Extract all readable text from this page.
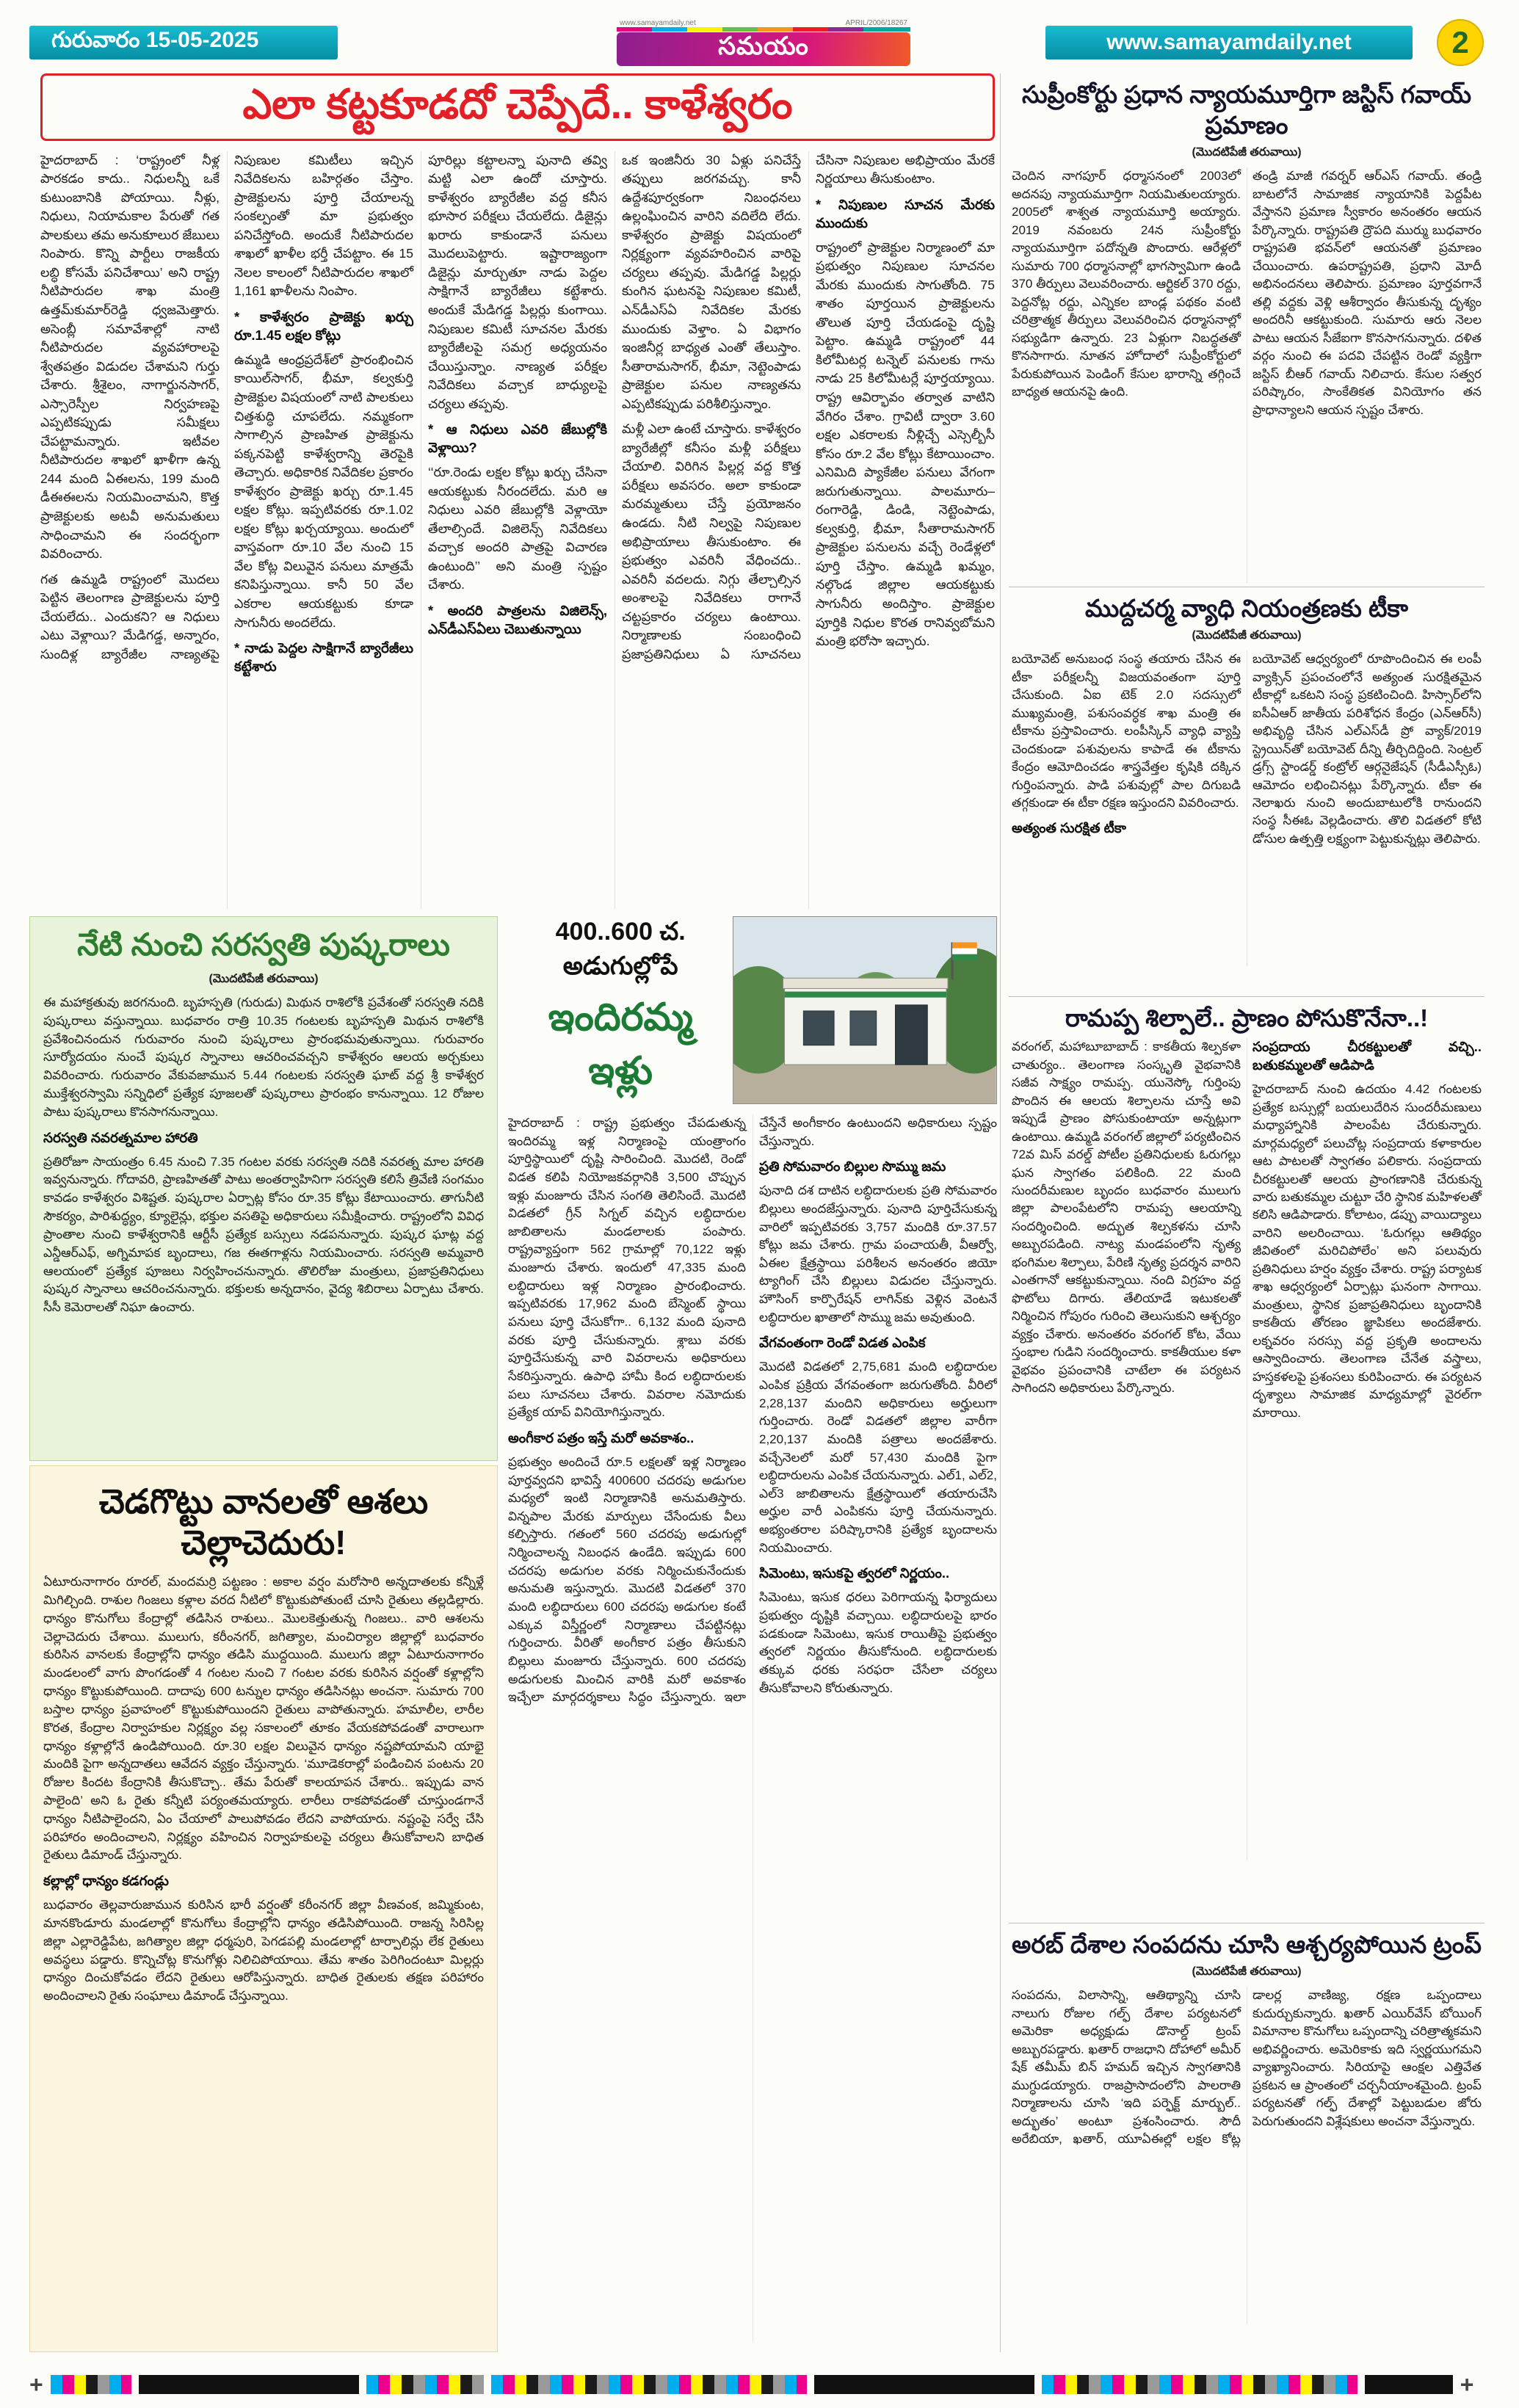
గురువారం 15-05-2025
www.samayamdaily.net	APRIL/2006/18267
సమయం	www.samayamdaily.net	2
ఎలా కట్టకూడదో చెప్పేదే.. కాళేశ్వరం

హైదరాబాద్ : ‘రాష్ట్రంలో నీళ్ల పారకడం కాదు.. నిధులన్నీ ఒకే కుటుంబానికి పోయాయి. నీళ్లు, నిధులు, నియామకాల పేరుతో గత పాలకులు తమ అనుకూలుర జేబులు నింపారు. కొన్ని పార్టీలు రాజకీయ లబ్ధి కోసమే పనిచేశాయి’ అని రాష్ట్ర నీటిపారుదల శాఖ మంత్రి ఉత్తమ్‌కుమార్‌రెడ్డి ధ్వజమెత్తారు. అసెంబ్లీ సమావేశాల్లో నాటి నీటిపారుదల వ్యవహారాలపై శ్వేతపత్రం విడుదల చేశామని గుర్తు చేశారు. శ్రీశైలం, నాగార్జునసాగర్, ఎస్సారెస్పీల నిర్వహణపై ఎప్పటికప్పుడు సమీక్షలు చేపట్టామన్నారు. ఇటీవల నీటిపారుదల శాఖలో ఖాళీగా ఉన్న 244 మంది ఏఈలను, 199 మంది డీఈఈలను నియమించామని, కొత్త ప్రాజెక్టులకు అటవీ అనుమతులు సాధించామని ఈ సందర్భంగా వివరించారు.

గత ఉమ్మడి రాష్ట్రంలో మొదలు పెట్టిన తెలంగాణ ప్రాజెక్టులను పూర్తి చేయలేదు.. ఎందుకని? ఆ నిధులు ఎటు వెళ్లాయి? మేడిగడ్డ, అన్నారం, సుందిళ్ల బ్యారేజీల నాణ్యతపై నిపుణుల కమిటీలు ఇచ్చిన నివేదికలను బహిర్గతం చేస్తాం. ప్రాజెక్టులను పూర్తి చేయాలన్న సంకల్పంతో మా ప్రభుత్వం పనిచేస్తోంది. అందుకే నీటిపారుదల శాఖలో ఖాళీల భర్తీ చేపట్టాం. ఈ 15 నెలల కాలంలో నీటిపారుదల శాఖలో 1,161 ఖాళీలను నింపాం.

* కాళేశ్వరం ప్రాజెక్టు ఖర్చు రూ.1.45 లక్షల కోట్లు

ఉమ్మడి ఆంధ్రప్రదేశ్‌లో ప్రారంభించిన కాయిల్‌సాగర్, భీమా, కల్వకుర్తి ప్రాజెక్టుల విషయంలో నాటి పాలకులు చిత్తశుద్ధి చూపలేదు. నమ్మకంగా సాగాల్సిన ప్రాణహిత ప్రాజెక్టును పక్కనపెట్టి కాళేశ్వరాన్ని తెరపైకి తెచ్చారు. అధికారిక నివేదికల ప్రకారం కాళేశ్వరం ప్రాజెక్టు ఖర్చు రూ.1.45 లక్షల కోట్లు. ఇప్పటివరకు రూ.1.02 లక్షల కోట్లు ఖర్చయ్యాయి. అందులో వాస్తవంగా రూ.10 వేల నుంచి 15 వేల కోట్ల విలువైన పనులు మాత్రమే కనిపిస్తున్నాయి. కానీ 50 వేల ఎకరాల ఆయకట్టుకు కూడా సాగునీరు అందలేదు.

* నాడు పెద్దల సాక్షిగానే బ్యారేజీలు కట్టేశారు

పూరిల్లు కట్టాలన్నా పునాది తవ్వి మట్టి ఎలా ఉందో చూస్తారు. కాళేశ్వరం బ్యారేజీల వద్ద కనీస భూసార పరీక్షలు చేయలేదు. డిజైన్లు ఖరారు కాకుండానే పనులు మొదలుపెట్టారు. ఇష్టారాజ్యంగా డిజైన్లు మార్చుతూ నాడు పెద్దల సాక్షిగానే బ్యారేజీలు కట్టేశారు. అందుకే మేడిగడ్డ పిల్లర్లు కుంగాయి. నిపుణుల కమిటీ సూచనల మేరకు బ్యారేజీలపై సమగ్ర అధ్యయనం చేయిస్తున్నాం. నాణ్యత పరీక్షల నివేదికలు వచ్చాక బాధ్యులపై చర్యలు తప్పవు.

* ఆ నిధులు ఎవరి జేబుల్లోకి వెళ్లాయి?

‘‘రూ.రెండు లక్షల కోట్లు ఖర్చు చేసినా ఆయకట్టుకు నీరందలేదు. మరి ఆ నిధులు ఎవరి జేబుల్లోకి వెళ్లాయో తేలాల్సిందే. విజిలెన్స్ నివేదికలు వచ్చాక అందరి పాత్రపై విచారణ ఉంటుంది’’ అని మంత్రి స్పష్టం చేశారు.

* అందరి పాత్రలను విజిలెన్స్, ఎన్‌డీఎస్‌ఏలు చెబుతున్నాయి

ఒక ఇంజినీరు 30 ఏళ్లు పనిచేస్తే తప్పులు జరగవచ్చు. కానీ ఉద్దేశపూర్వకంగా నిబంధనలు ఉల్లంఘించిన వారిని వదిలేది లేదు. కాళేశ్వరం ప్రాజెక్టు విషయంలో నిర్లక్ష్యంగా వ్యవహరించిన వారిపై చర్యలు తప్పవు. మేడిగడ్డ పిల్లర్లు కుంగిన ఘటనపై నిపుణుల కమిటీ, ఎన్‌డీఎస్‌ఏ నివేదికల మేరకు ముందుకు వెళ్తాం. ఏ విభాగం ఇంజినీర్ల బాధ్యత ఎంతో తేలుస్తాం. సీతారామసాగర్, భీమా, నెట్టెంపాడు ప్రాజెక్టుల పనుల నాణ్యతను ఎప్పటికప్పుడు పరిశీలిస్తున్నాం.

మళ్లీ ఎలా ఉంటే చూస్తారు. కాళేశ్వరం బ్యారేజీల్లో కనీసం మళ్లీ పరీక్షలు చేయాలి. విరిగిన పిల్లర్ల వద్ద కొత్త పరీక్షలు అవసరం. అలా కాకుండా మరమ్మతులు చేస్తే ప్రయోజనం ఉండదు. నీటి నిల్వపై నిపుణుల అభిప్రాయాలు తీసుకుంటాం. ఈ ప్రభుత్వం ఎవరినీ వేధించదు.. ఎవరినీ వదలదు. నిగ్గు తేల్చాల్సిన అంశాలపై నివేదికలు రాగానే చట్టప్రకారం చర్యలు ఉంటాయి. నిర్మాణాలకు సంబంధించి ప్రజాప్రతినిధులు ఏ సూచనలు చేసినా నిపుణుల అభిప్రాయం మేరకే నిర్ణయాలు తీసుకుంటాం.

* నిపుణుల సూచన మేరకు ముందుకు

రాష్ట్రంలో ప్రాజెక్టుల నిర్మాణంలో మా ప్రభుత్వం నిపుణుల సూచనల మేరకు ముందుకు సాగుతోంది. 75 శాతం పూర్తయిన ప్రాజెక్టులను తొలుత పూర్తి చేయడంపై దృష్టి పెట్టాం. ఉమ్మడి రాష్ట్రంలో 44 కిలోమీటర్ల టన్నెల్ పనులకు గాను నాడు 25 కిలోమీటర్లే పూర్తయ్యాయి. రాష్ట్ర ఆవిర్భావం తర్వాత వాటిని వేగిరం చేశాం. గ్రావిటీ ద్వారా 3.60 లక్షల ఎకరాలకు నీళ్లిచ్చే ఎస్సెల్బీసీ కోసం రూ.2 వేల కోట్లు కేటాయించాం. ఎనిమిది ప్యాకేజీల పనులు వేగంగా జరుగుతున్నాయి. పాలమూరు–రంగారెడ్డి, డిండి, నెట్టెంపాడు, కల్వకుర్తి, భీమా, సీతారామసాగర్ ప్రాజెక్టుల పనులను వచ్చే రెండేళ్లలో పూర్తి చేస్తాం. ఉమ్మడి ఖమ్మం, నల్గొండ జిల్లాల ఆయకట్టుకు సాగునీరు అందిస్తాం. ప్రాజెక్టుల పూర్తికి నిధుల కొరత రానివ్వబోమని మంత్రి భరోసా ఇచ్చారు.

సుప్రీంకోర్టు ప్రధాన న్యాయమూర్తిగా జస్టిస్ గవాయ్ ప్రమాణం
(మొదటిపేజీ తరువాయి)

చెందిన నాగపూర్ ధర్మాసనంలో 2003లో అదనపు న్యాయమూర్తిగా నియమితులయ్యారు. 2005లో శాశ్వత న్యాయమూర్తి అయ్యారు. 2019 నవంబరు 24న సుప్రీంకోర్టు న్యాయమూర్తిగా పదోన్నతి పొందారు. ఆరేళ్లలో సుమారు 700 ధర్మాసనాల్లో భాగస్వామిగా ఉండి 370 తీర్పులు వెలువరించారు. ఆర్టికల్ 370 రద్దు, పెద్దనోట్ల రద్దు, ఎన్నికల బాండ్ల పథకం వంటి చరిత్రాత్మక తీర్పులు వెలువరించిన ధర్మాసనాల్లో సభ్యుడిగా ఉన్నారు. 23 ఏళ్లుగా నిబద్ధతతో కొనసాగారు. నూతన హోదాలో సుప్రీంకోర్టులో పేరుకుపోయిన పెండింగ్ కేసుల భారాన్ని తగ్గించే బాధ్యత ఆయనపై ఉంది.

తండ్రి మాజీ గవర్నర్ ఆర్‌ఎస్ గవాయ్. తండ్రి బాటలోనే సామాజిక న్యాయానికి పెద్దపీట వేస్తానని ప్రమాణ స్వీకారం అనంతరం ఆయన పేర్కొన్నారు. రాష్ట్రపతి ద్రౌపది ముర్ము బుధవారం రాష్ట్రపతి భవన్‌లో ఆయనతో ప్రమాణం చేయించారు. ఉపరాష్ట్రపతి, ప్రధాని మోదీ అభినందనలు తెలిపారు. ప్రమాణం పూర్తవగానే తల్లి వద్దకు వెళ్లి ఆశీర్వాదం తీసుకున్న దృశ్యం అందరినీ ఆకట్టుకుంది. సుమారు ఆరు నెలల పాటు ఆయన సీజేఐగా కొనసాగనున్నారు. దళిత వర్గం నుంచి ఈ పదవి చేపట్టిన రెండో వ్యక్తిగా జస్టిస్ బీఆర్ గవాయ్ నిలిచారు. కేసుల సత్వర పరిష్కారం, సాంకేతికత వినియోగం తన ప్రాధాన్యాలని ఆయన స్పష్టం చేశారు.

ముద్దచర్మ వ్యాధి నియంత్రణకు టీకా
(మొదటిపేజీ తరువాయి)

బయోవెట్ అనుబంధ సంస్థ తయారు చేసిన ఈ టీకా పరీక్షలన్నీ విజయవంతంగా పూర్తి చేసుకుంది. ఏఐ టెక్ 2.0 సదస్సులో ముఖ్యమంత్రి, పశుసంవర్ధక శాఖ మంత్రి ఈ టీకాను ప్రస్తావించారు. లంపీస్కిన్ వ్యాధి వ్యాప్తి చెందకుండా పశువులను కాపాడే ఈ టీకాను కేంద్రం ఆమోదించడం శాస్త్రవేత్తల కృషికి దక్కిన గుర్తింపన్నారు. పాడి పశువుల్లో పాల దిగుబడి తగ్గకుండా ఈ టీకా రక్షణ ఇస్తుందని వివరించారు.

అత్యంత సురక్షిత టీకా

బయోవెట్ ఆధ్వర్యంలో రూపొందించిన ఈ లంపీ వ్యాక్సిన్ ప్రపంచంలోనే అత్యంత సురక్షితమైన టీకాల్లో ఒకటని సంస్థ ప్రకటించింది. హిస్సార్‌లోని ఐసీఏఆర్ జాతీయ పరిశోధన కేంద్రం (ఎన్‌ఆర్‌సీ) అభివృద్ధి చేసిన ఎల్‌ఎస్‌డీ ప్రో వ్యాక్/2019 స్ట్రెయిన్‌తో బయోవెట్ దీన్ని తీర్చిదిద్దింది. సెంట్రల్ డ్రగ్స్ స్టాండర్డ్ కంట్రోల్ ఆర్గనైజేషన్ (సీడీఎస్సీఓ) ఆమోదం లభించినట్లు పేర్కొన్నారు. టీకా ఈ నెలాఖరు నుంచి అందుబాటులోకి రానుందని సంస్థ సీఈఓ వెల్లడించారు. తొలి విడతలో కోటి డోసుల ఉత్పత్తి లక్ష్యంగా పెట్టుకున్నట్లు తెలిపారు.

రామప్ప శిల్పాలే.. ప్రాణం పోసుకొనేనా..!

వరంగల్, మహాబూబాబాద్ : కాకతీయ శిల్పకళా చాతుర్యం.. తెలంగాణ సంస్కృతి వైభవానికి సజీవ సాక్ష్యం రామప్ప. యునెస్కో గుర్తింపు పొందిన ఈ ఆలయ శిల్పాలను చూస్తే అవి ఇప్పుడే ప్రాణం పోసుకుంటాయా అన్నట్లుగా ఉంటాయి. ఉమ్మడి వరంగల్ జిల్లాలో పర్యటించిన 72వ మిస్ వరల్డ్ పోటీల ప్రతినిధులకు ఓరుగల్లు ఘన స్వాగతం పలికింది. 22 మంది సుందరీమణుల బృందం బుధవారం ములుగు జిల్లా పాలంపేటలోని రామప్ప ఆలయాన్ని సందర్శించింది. అద్భుత శిల్పకళను చూసి అబ్బురపడింది. నాట్య మండపంలోని నృత్య భంగిమల శిల్పాలు, పేరిణి నృత్య ప్రదర్శన వారిని ఎంతగానో ఆకట్టుకున్నాయి. నంది విగ్రహం వద్ద ఫొటోలు దిగారు. తేలియాడే ఇటుకలతో నిర్మించిన గోపురం గురించి తెలుసుకుని ఆశ్చర్యం వ్యక్తం చేశారు. అనంతరం వరంగల్ కోట, వేయి స్తంభాల గుడిని సందర్శించారు. కాకతీయుల కళా వైభవం ప్రపంచానికి చాటేలా ఈ పర్యటన సాగిందని అధికారులు పేర్కొన్నారు.

సంప్రదాయ చీరకట్టులతో వచ్చి.. బతుకమ్మలతో ఆడిపాడి

హైదరాబాద్ నుంచి ఉదయం 4.42 గంటలకు ప్రత్యేక బస్సుల్లో బయలుదేరిన సుందరీమణులు మధ్యాహ్నానికి పాలంపేట చేరుకున్నారు. మార్గమధ్యలో పలుచోట్ల సంప్రదాయ కళాకారుల ఆట పాటలతో స్వాగతం పలికారు. సంప్రదాయ చీరకట్టులతో ఆలయ ప్రాంగణానికి చేరుకున్న వారు బతుకమ్మల చుట్టూ చేరి స్థానిక మహిళలతో కలిసి ఆడిపాడారు. కోలాటం, డప్పు వాయిద్యాలు వారిని అలరించాయి. ‘ఓరుగల్లు ఆతిథ్యం జీవితంలో మరిచిపోలేం’ అని పలువురు ప్రతినిధులు హర్షం వ్యక్తం చేశారు. రాష్ట్ర పర్యాటక శాఖ ఆధ్వర్యంలో ఏర్పాట్లు ఘనంగా సాగాయి. మంత్రులు, స్థానిక ప్రజాప్రతినిధులు బృందానికి కాకతీయ తోరణం జ్ఞాపికలు అందజేశారు. లక్నవరం సరస్సు వద్ద ప్రకృతి అందాలను ఆస్వాదించారు. తెలంగాణ చేనేత వస్త్రాలు, హస్తకళలపై ప్రశంసలు కురిపించారు. ఈ పర్యటన దృశ్యాలు సామాజిక మాధ్యమాల్లో వైరల్‌గా మారాయి.

అరబ్ దేశాల సంపదను చూసి ఆశ్చర్యపోయిన ట్రంప్
(మొదటిపేజీ తరువాయి)

సంపదను, విలాసాన్ని, ఆతిథ్యాన్ని చూసి నాలుగు రోజుల గల్ఫ్ దేశాల పర్యటనలో అమెరికా అధ్యక్షుడు డొనాల్డ్ ట్రంప్ అబ్బురపడ్డారు. ఖతార్ రాజధాని దోహాలో అమీర్ షేక్ తమీమ్ బిన్ హమద్ ఇచ్చిన స్వాగతానికి ముగ్ధుడయ్యారు. రాజప్రాసాదంలోని పాలరాతి నిర్మాణాలను చూసి ‘ఇది పర్ఫెక్ట్ మార్బుల్.. అద్భుతం’ అంటూ ప్రశంసించారు. సౌదీ అరేబియా, ఖతార్, యూఏఈల్లో లక్షల కోట్ల డాలర్ల వాణిజ్య, రక్షణ ఒప్పందాలు కుదుర్చుకున్నారు. ఖతార్ ఎయిర్‌వేస్ బోయింగ్ విమానాల కొనుగోలు ఒప్పందాన్ని చరిత్రాత్మకమని అభివర్ణించారు. అమెరికాకు ఇది స్వర్ణయుగమని వ్యాఖ్యానించారు. సిరియాపై ఆంక్షల ఎత్తివేత ప్రకటన ఆ ప్రాంతంలో చర్చనీయాంశమైంది. ట్రంప్ పర్యటనతో గల్ఫ్ దేశాల్లో పెట్టుబడుల జోరు పెరుగుతుందని విశ్లేషకులు అంచనా వేస్తున్నారు.

నేటి నుంచి సరస్వతి పుష్కరాలు
(మొదటిపేజీ తరువాయి)

ఈ మహాక్రతువు జరగనుంది. బృహస్పతి (గురుడు) మిథున రాశిలోకి ప్రవేశంతో సరస్వతి నదికి పుష్కరాలు వస్తున్నాయి. బుధవారం రాత్రి 10.35 గంటలకు బృహస్పతి మిథున రాశిలోకి ప్రవేశించినందున గురువారం నుంచి పుష్కరాలు ప్రారంభమవుతున్నాయి. గురువారం సూర్యోదయం నుంచే పుష్కర స్నానాలు ఆచరించవచ్చని కాళేశ్వరం ఆలయ అర్చకులు వివరించారు. గురువారం వేకువజామున 5.44 గంటలకు సరస్వతి ఘాట్ వద్ద శ్రీ కాళేశ్వర ముక్తేశ్వరస్వామి సన్నిధిలో ప్రత్యేక పూజలతో పుష్కరాలు ప్రారంభం కానున్నాయి. 12 రోజుల పాటు పుష్కరాలు కొనసాగనున్నాయి.

సరస్వతి నవరత్నమాల హారతి

ప్రతిరోజూ సాయంత్రం 6.45 నుంచి 7.35 గంటల వరకు సరస్వతి నదికి నవరత్న మాల హారతి ఇవ్వనున్నారు. గోదావరి, ప్రాణహితతో పాటు అంతర్వాహినిగా సరస్వతి కలిసే త్రివేణి సంగమం కావడం కాళేశ్వరం విశిష్టత. పుష్కరాల ఏర్పాట్ల కోసం రూ.35 కోట్లు కేటాయించారు. తాగునీటి సౌకర్యం, పారిశుద్ధ్యం, క్యూలైన్లు, భక్తుల వసతిపై అధికారులు సమీక్షించారు. రాష్ట్రంలోని వివిధ ప్రాంతాల నుంచి కాళేశ్వరానికి ఆర్టీసీ ప్రత్యేక బస్సులు నడపనున్నారు. పుష్కర ఘాట్ల వద్ద ఎన్డీఆర్ఎఫ్, అగ్నిమాపక బృందాలు, గజ ఈతగాళ్లను నియమించారు. సరస్వతి అమ్మవారి ఆలయంలో ప్రత్యేక పూజలు నిర్వహించనున్నారు. తొలిరోజు మంత్రులు, ప్రజాప్రతినిధులు పుష్కర స్నానాలు ఆచరించనున్నారు. భక్తులకు అన్నదానం, వైద్య శిబిరాలు ఏర్పాటు చేశారు. సీసీ కెమెరాలతో నిఘా ఉంచారు.

చెడగొట్టు వానలతో ఆశలు చెల్లాచెదురు!

ఏటూరునాగారం రూరల్, మందమర్రి పట్టణం : అకాల వర్షం మరోసారి అన్నదాతలకు కన్నీళ్లే మిగిల్చింది. రాశుల గింజలు కళ్లాల వరద నీటిలో కొట్టుకుపోతుంటే చూసి రైతులు తల్లడిల్లారు. ధాన్యం కొనుగోలు కేంద్రాల్లో తడిసిన రాశులు.. మొలకెత్తుతున్న గింజలు.. వారి ఆశలను చెల్లాచెదురు చేశాయి. ములుగు, కరీంనగర్, జగిత్యాల, మంచిర్యాల జిల్లాల్లో బుధవారం కురిసిన వానలకు కేంద్రాల్లోని ధాన్యం తడిసి ముద్దయింది. ములుగు జిల్లా ఏటూరునాగారం మండలంలో వాగు పొంగడంతో 4 గంటల నుంచి 7 గంటల వరకు కురిసిన వర్షంతో కళ్లాల్లోని ధాన్యం కొట్టుకుపోయింది. దాదాపు 600 టన్నుల ధాన్యం తడిసినట్లు అంచనా. సుమారు 700 బస్తాల ధాన్యం ప్రవాహంలో కొట్టుకుపోయిందని రైతులు వాపోతున్నారు. హమాలీల, లారీల కొరత, కేంద్రాల నిర్వాహకుల నిర్లక్ష్యం వల్ల సకాలంలో తూకం వేయకపోవడంతో వారాలుగా ధాన్యం కళ్లాల్లోనే ఉండిపోయింది. రూ.30 లక్షల విలువైన ధాన్యం నష్టపోయామని యాభై మందికి పైగా అన్నదాతలు ఆవేదన వ్యక్తం చేస్తున్నారు. ‘మూడెకరాల్లో పండించిన పంటను 20 రోజుల కిందట కేంద్రానికి తీసుకొచ్చా.. తేమ పేరుతో కాలయాపన చేశారు.. ఇప్పుడు వాన పాలైంది’ అని ఓ రైతు కన్నీటి పర్యంతమయ్యారు. లారీలు రాకపోవడంతో చూస్తుండగానే ధాన్యం నీటిపాలైందని, ఏం చేయాలో పాలుపోవడం లేదని వాపోయారు. నష్టంపై సర్వే చేసి పరిహారం అందించాలని, నిర్లక్ష్యం వహించిన నిర్వాహకులపై చర్యలు తీసుకోవాలని బాధిత రైతులు డిమాండ్ చేస్తున్నారు.

కల్లాల్లో ధాన్యం కడగండ్లు

బుధవారం తెల్లవారుజామున కురిసిన భారీ వర్షంతో కరీంనగర్ జిల్లా వీణవంక, జమ్మికుంట, మానకొండూరు మండలాల్లో కొనుగోలు కేంద్రాల్లోని ధాన్యం తడిసిపోయింది. రాజన్న సిరిసిల్ల జిల్లా ఎల్లారెడ్డిపేట, జగిత్యాల జిల్లా ధర్మపురి, పెగడపల్లి మండలాల్లో టార్పాలిన్లు లేక రైతులు అవస్థలు పడ్డారు. కొన్నిచోట్ల కొనుగోళ్లు నిలిచిపోయాయి. తేమ శాతం పెరిగిందంటూ మిల్లర్లు ధాన్యం దించుకోవడం లేదని రైతులు ఆరోపిస్తున్నారు. బాధిత రైతులకు తక్షణ పరిహారం అందించాలని రైతు సంఘాలు డిమాండ్ చేస్తున్నాయి.

400..600 చ. అడుగుల్లోపే
ఇందిరమ్మ ఇళ్లు

హైదరాబాద్ : రాష్ట్ర ప్రభుత్వం చేపడుతున్న ఇందిరమ్మ ఇళ్ల నిర్మాణంపై యంత్రాంగం పూర్తిస్థాయిలో దృష్టి సారించింది. మొదటి, రెండో విడత కలిపి నియోజకవర్గానికి 3,500 చొప్పున ఇళ్లు మంజూరు చేసిన సంగతి తెలిసిందే. మొదటి విడతలో గ్రీన్ సిగ్నల్ వచ్చిన లబ్ధిదారుల జాబితాలను మండలాలకు పంపారు. రాష్ట్రవ్యాప్తంగా 562 గ్రామాల్లో 70,122 ఇళ్లు మంజూరు చేశారు. ఇందులో 47,335 మంది లబ్ధిదారులు ఇళ్ల నిర్మాణం ప్రారంభించారు. ఇప్పటివరకు 17,962 మంది బేస్మెంట్ స్థాయి పనులు పూర్తి చేసుకోగా.. 6,132 మంది పునాది వరకు పూర్తి చేసుకున్నారు. శ్లాబు వరకు పూర్తిచేసుకున్న వారి వివరాలను అధికారులు సేకరిస్తున్నారు. ఉపాధి హామీ కింద లబ్ధిదారులకు పలు సూచనలు చేశారు. వివరాల నమోదుకు ప్రత్యేక యాప్ వినియోగిస్తున్నారు.

అంగీకార పత్రం ఇస్తే మరో అవకాశం..

ప్రభుత్వం అందించే రూ.5 లక్షలతో ఇళ్ల నిర్మాణం పూర్తవ్వదని భావిస్తే 400600 చదరపు అడుగుల మధ్యలో ఇంటి నిర్మాణానికి అనుమతిస్తారు. విన్నపాల మేరకు మార్పులు చేసేందుకు వీలు కల్పిస్తారు. గతంలో 560 చదరపు అడుగుల్లో నిర్మించాలన్న నిబంధన ఉండేది. ఇప్పుడు 600 చదరపు అడుగుల వరకు నిర్మించుకునేందుకు అనుమతి ఇస్తున్నారు. మొదటి విడతలో 370 మంది లబ్ధిదారులు 600 చదరపు అడుగుల కంటే ఎక్కువ విస్తీర్ణంలో నిర్మాణాలు చేపట్టినట్లు గుర్తించారు. వీరితో అంగీకార పత్రం తీసుకుని బిల్లులు మంజూరు చేస్తున్నారు. 600 చదరపు అడుగులకు మించిన వారికి మరో అవకాశం ఇచ్చేలా మార్గదర్శకాలు సిద్ధం చేస్తున్నారు. ఇలా చేస్తేనే అంగీకారం ఉంటుందని అధికారులు స్పష్టం చేస్తున్నారు.

ప్రతి సోమవారం బిల్లుల సొమ్ము జమ

పునాది దశ దాటిన లబ్ధిదారులకు ప్రతి సోమవారం బిల్లులు అందజేస్తున్నారు. పునాది పూర్తిచేసుకున్న వారిలో ఇప్పటివరకు 3,757 మందికి రూ.37.57 కోట్లు జమ చేశారు. గ్రామ పంచాయతీ, వీఆర్వో, ఏఈల క్షేత్రస్థాయి పరిశీలన అనంతరం జియో ట్యాగింగ్ చేసి బిల్లులు విడుదల చేస్తున్నారు. హౌసింగ్ కార్పొరేషన్ లాగిన్‌కు వెళ్లిన వెంటనే లబ్ధిదారుల ఖాతాలో సొమ్ము జమ అవుతుంది.

వేగవంతంగా రెండో విడత ఎంపిక

మొదటి విడతలో 2,75,681 మంది లబ్ధిదారుల ఎంపిక ప్రక్రియ వేగవంతంగా జరుగుతోంది. వీరిలో 2,28,137 మందిని అధికారులు అర్హులుగా గుర్తించారు. రెండో విడతలో జిల్లాల వారీగా 2,20,137 మందికి పత్రాలు అందజేశారు. వచ్చేనెలలో మరో 57,430 మందికి పైగా లబ్ధిదారులను ఎంపిక చేయనున్నారు. ఎల్1, ఎల్2, ఎల్3 జాబితాలను క్షేత్రస్థాయిలో తయారుచేసి అర్హుల వారీ ఎంపికను పూర్తి చేయనున్నారు. అభ్యంతరాల పరిష్కారానికి ప్రత్యేక బృందాలను నియమించారు.

సిమెంటు, ఇసుకపై త్వరలో నిర్ణయం..

సిమెంటు, ఇసుక ధరలు పెరిగాయన్న ఫిర్యాదులు ప్రభుత్వం దృష్టికి వచ్చాయి. లబ్ధిదారులపై భారం పడకుండా సిమెంటు, ఇసుక రాయితీపై ప్రభుత్వం త్వరలో నిర్ణయం తీసుకోనుంది. లబ్ధిదారులకు తక్కువ ధరకు సరఫరా చేసేలా చర్యలు తీసుకోవాలని కోరుతున్నారు.

+	+
